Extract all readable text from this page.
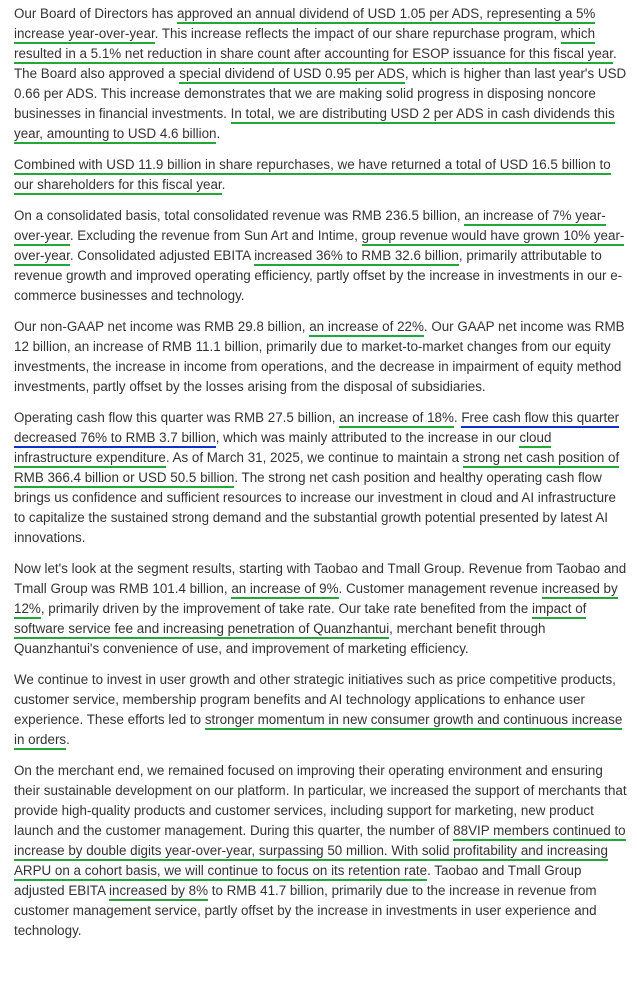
Our Board of Directors has approved an annual dividend of USD 1.05 per ADS, representing a 5% increase year-over-year. This increase reflects the impact of our share repurchase program, which resulted in a 5.1% net reduction in share count after accounting for ESOP issuance for this fiscal year. The Board also approved a special dividend of USD 0.95 per ADS, which is higher than last year's USD 0.66 per ADS. This increase demonstrates that we are making solid progress in disposing noncore businesses in financial investments. In total, we are distributing USD 2 per ADS in cash dividends this year, amounting to USD 4.6 billion.

Combined with USD 11.9 billion in share repurchases, we have returned a total of USD 16.5 billion to our shareholders for this fiscal year.

On a consolidated basis, total consolidated revenue was RMB 236.5 billion, an increase of 7% year-over-year. Excluding the revenue from Sun Art and Intime, group revenue would have grown 10% year-over-year. Consolidated adjusted EBITA increased 36% to RMB 32.6 billion, primarily attributable to revenue growth and improved operating efficiency, partly offset by the increase in investments in our e-commerce businesses and technology.

Our non-GAAP net income was RMB 29.8 billion, an increase of 22%. Our GAAP net income was RMB 12 billion, an increase of RMB 11.1 billion, primarily due to market-to-market changes from our equity investments, the increase in income from operations, and the decrease in impairment of equity method investments, partly offset by the losses arising from the disposal of subsidiaries.

Operating cash flow this quarter was RMB 27.5 billion, an increase of 18%. Free cash flow this quarter decreased 76% to RMB 3.7 billion, which was mainly attributed to the increase in our cloud infrastructure expenditure. As of March 31, 2025, we continue to maintain a strong net cash position of RMB 366.4 billion or USD 50.5 billion. The strong net cash position and healthy operating cash flow brings us confidence and sufficient resources to increase our investment in cloud and AI infrastructure to capitalize the sustained strong demand and the substantial growth potential presented by latest AI innovations.

Now let's look at the segment results, starting with Taobao and Tmall Group. Revenue from Taobao and Tmall Group was RMB 101.4 billion, an increase of 9%. Customer management revenue increased by 12%, primarily driven by the improvement of take rate. Our take rate benefited from the impact of software service fee and increasing penetration of Quanzhantui, merchant benefit through Quanzhantui's convenience of use, and improvement of marketing efficiency.

We continue to invest in user growth and other strategic initiatives such as price competitive products, customer service, membership program benefits and AI technology applications to enhance user experience. These efforts led to stronger momentum in new consumer growth and continuous increase in orders.

On the merchant end, we remained focused on improving their operating environment and ensuring their sustainable development on our platform. In particular, we increased the support of merchants that provide high-quality products and customer services, including support for marketing, new product launch and the customer management. During this quarter, the number of 88VIP members continued to increase by double digits year-over-year, surpassing 50 million. With solid profitability and increasing ARPU on a cohort basis, we will continue to focus on its retention rate. Taobao and Tmall Group adjusted EBITA increased by 8% to RMB 41.7 billion, primarily due to the increase in revenue from customer management service, partly offset by the increase in investments in user experience and technology.
